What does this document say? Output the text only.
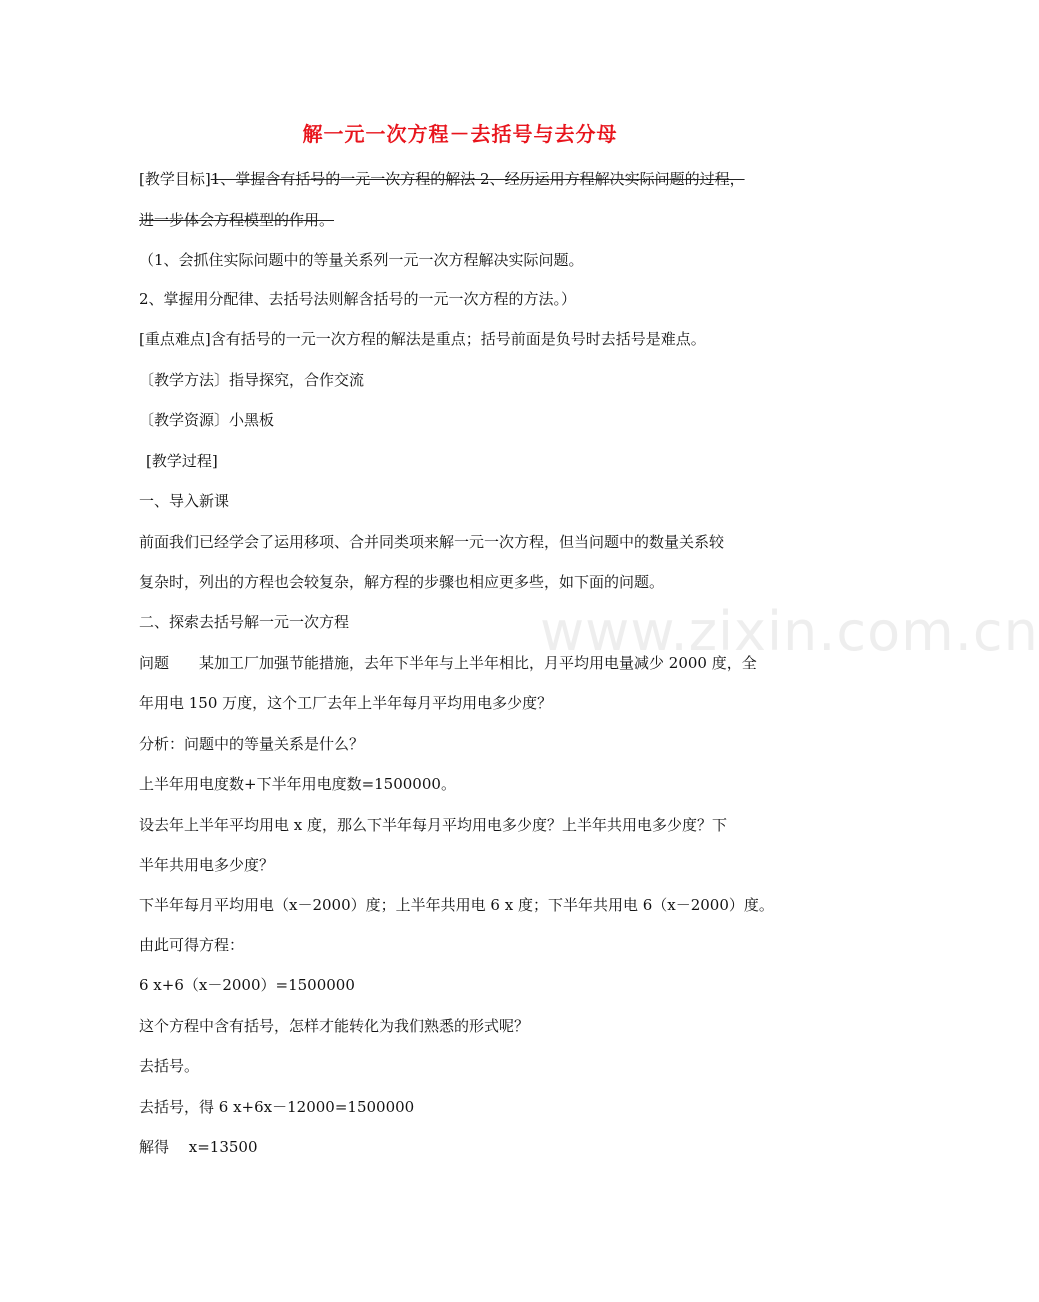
解一元一次方程－去括号与去分母
[教学目标]1、掌握含有括号的一元一次方程的解法 2、经历运用方程解决实际问题的过程，
进一步体会方程模型的作用。
（1、会抓住实际问题中的等量关系列一元一次方程解决实际问题。
2、掌握用分配律、去括号法则解含括号的一元一次方程的方法。）
[重点难点]含有括号的一元一次方程的解法是重点；括号前面是负号时去括号是难点。
〔教学方法〕指导探究，合作交流
〔教学资源〕小黑板
[教学过程]
一、导入新课
前面我们已经学会了运用移项、合并同类项来解一元一次方程，但当问题中的数量关系较
复杂时，列出的方程也会较复杂，解方程的步骤也相应更多些，如下面的问题。
二、探索去括号解一元一次方程
问题　　某加工厂加强节能措施，去年下半年与上半年相比，月平均用电量减少 2000 度，全
年用电 150 万度，这个工厂去年上半年每月平均用电多少度？
分析：问题中的等量关系是什么？
上半年用电度数+下半年用电度数=1500000。
设去年上半年平均用电 x 度，那么下半年每月平均用电多少度？上半年共用电多少度？下
半年共用电多少度？
下半年每月平均用电（x－2000）度；上半年共用电 6 x 度；下半年共用电 6（x－2000）度。
由此可得方程：
6 x+6（x－2000）=1500000
这个方程中含有括号，怎样才能转化为我们熟悉的形式呢？
去括号。
去括号，得 6 x+6x－12000=1500000
解得　 x=13500
www.zixin.com.cn
